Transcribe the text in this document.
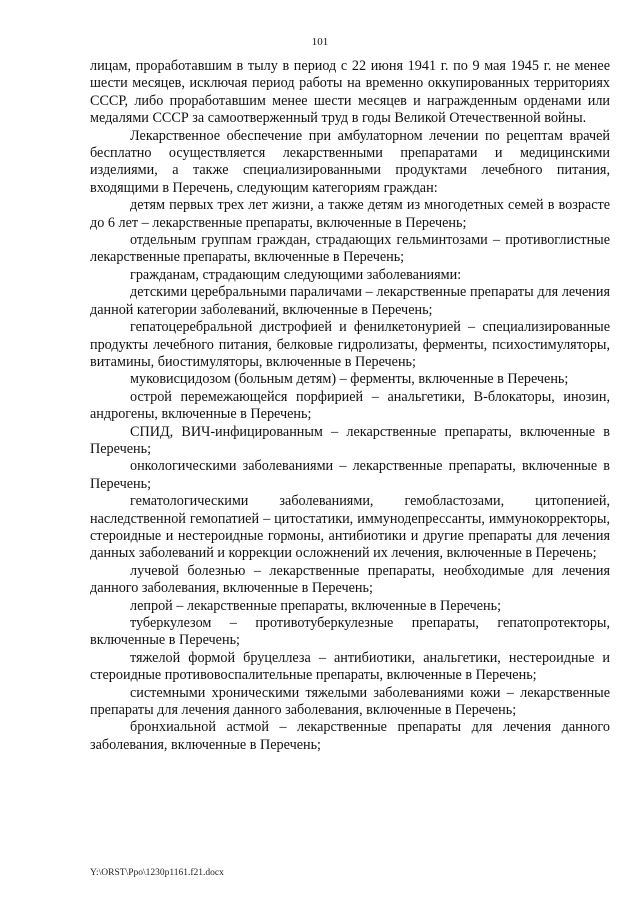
101

лицам, проработавшим в тылу в период с 22 июня 1941 г. по 9 мая 1945 г. не менее шести месяцев, исключая период работы на временно оккупированных территориях СССР, либо проработавшим менее шести месяцев и награжденным орденами или медалями СССР за самоотверженный труд в годы Великой Отечественной войны.

Лекарственное обеспечение при амбулаторном лечении по рецептам врачей бесплатно осуществляется лекарственными препаратами и медицинскими изделиями, а также специализированными продуктами лечебного питания, входящими в Перечень, следующим категориям граждан:

детям первых трех лет жизни, а также детям из многодетных семей в возрасте до 6 лет – лекарственные препараты, включенные в Перечень;

отдельным группам граждан, страдающих гельминтозами – противоглистные лекарственные препараты, включенные в Перечень;

гражданам, страдающим следующими заболеваниями:

детскими церебральными параличами – лекарственные препараты для лечения данной категории заболеваний, включенные в Перечень;

гепатоцеребральной дистрофией и фенилкетонурией – специализированные продукты лечебного питания, белковые гидролизаты, ферменты, психостимуляторы, витамины, биостимуляторы, включенные в Перечень;

муковисцидозом (больным детям) – ферменты, включенные в Перечень;

острой перемежающейся порфирией – анальгетики, B-блокаторы, инозин, андрогены, включенные в Перечень;

СПИД, ВИЧ-инфицированным – лекарственные препараты, включенные в Перечень;

онкологическими заболеваниями – лекарственные препараты, включенные в Перечень;

гематологическими заболеваниями, гемобластозами, цитопенией, наследственной гемопатией – цитостатики, иммунодепрессанты, иммунокорректоры, стероидные и нестероидные гормоны, антибиотики и другие препараты для лечения данных заболеваний и коррекции осложнений их лечения, включенные в Перечень;

лучевой болезнью – лекарственные препараты, необходимые для лечения данного заболевания, включенные в Перечень;

лепрой – лекарственные препараты, включенные в Перечень;

туберкулезом – противотуберкулезные препараты, гепатопротекторы, включенные в Перечень;

тяжелой формой бруцеллеза – антибиотики, анальгетики, нестероидные и стероидные противовоспалительные препараты, включенные в Перечень;

системными хроническими тяжелыми заболеваниями кожи – лекарственные препараты для лечения данного заболевания, включенные в Перечень;

бронхиальной астмой – лекарственные препараты для лечения данного заболевания, включенные в Перечень;

Y:\ORST\Ppo\1230p1161.f21.docx
